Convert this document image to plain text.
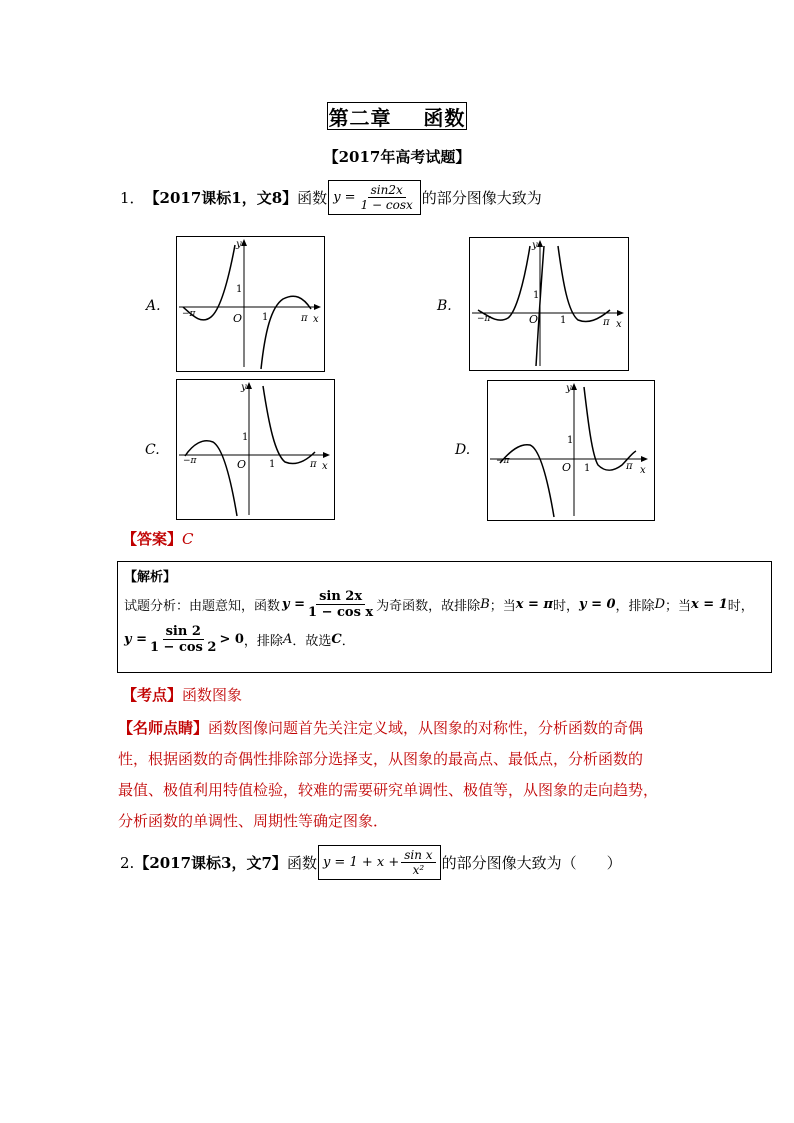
第二章    函数
【2017年高考试题】
1． 【2017课标1，文8】 函数 $y = \frac{\sin 2x}{1 - \cos x}$ 的部分图像大致为
A. −π	O
1
1	π x
y
B.
−π	O
1
1	π x
y
C.
−π	O
1
1	π x
y
D.
−π	O
1
1	π x
y
【答案】C
【解析】
试题分析：由题意知，函数 $y = \frac{\sin 2x}{\text{1 − cos x}}$ 为奇函数，故排除 B ；当 x = π 时， y = 0 ，排除 D ；当 x = 1 时，
$y = \frac{\sin 2}{1 - \cos 2} > 0$ ，排除 A ．故选 C ．
【考点】函数图象
【名师点睛】函数图像问题首先关注定义域，从图象的对称性，分析函数的奇偶
性，根据函数的奇偶性排除部分选择支，从图象的最高点、最低点，分析函数的
最值、极值利用特值检验，较难的需要研究单调性、极值等，从图象的走向趋势，
分析函数的单调性、周期性等确定图象．
2. 【2017课标3，文7】 函数 $y = 1 + x + \frac{\text{sin x}}{\text{x²}}$ 的部分图像大致为（　　）
